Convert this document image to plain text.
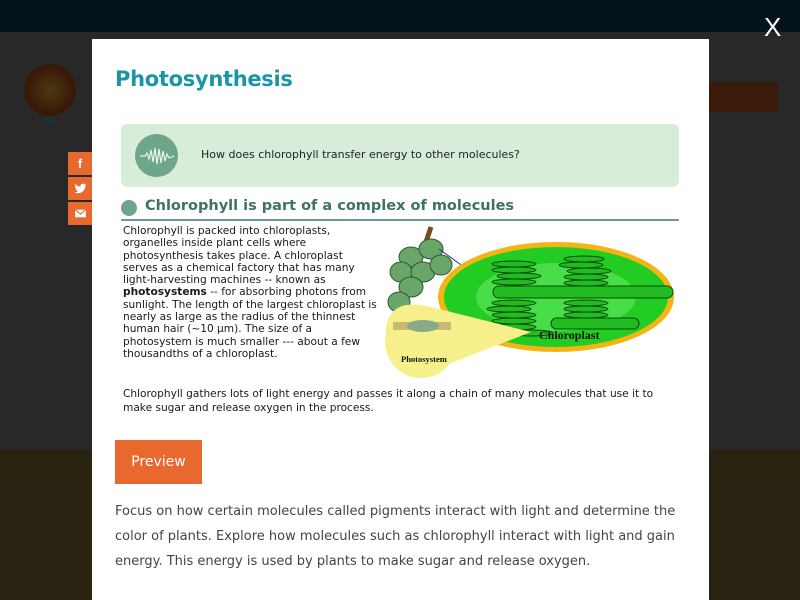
X
f
Photosynthesis
How does chlorophyll transfer energy to other molecules?
Chlorophyll is part of a complex of molecules
Chlorophyll is packed into chloroplasts, organelles inside plant cells where photosynthesis takes place. A chloroplast serves as a chemical factory that has many light-harvesting machines -- known as photosystems -- for absorbing photons from sunlight. The length of the largest chloroplast is nearly as large as the radius of the thinnest human hair (~10 µm). The size of a photosystem is much smaller --- about a few thousandths of a chloroplast.
Chloroplast
Photosystem
Chlorophyll gathers lots of light energy and passes it along a chain of many molecules that use it to make sugar and release oxygen in the process.
Preview
Focus on how certain molecules called pigments interact with light and determine the color of plants. Explore how molecules such as chlorophyll interact with light and gain energy. This energy is used by plants to make sugar and release oxygen.
